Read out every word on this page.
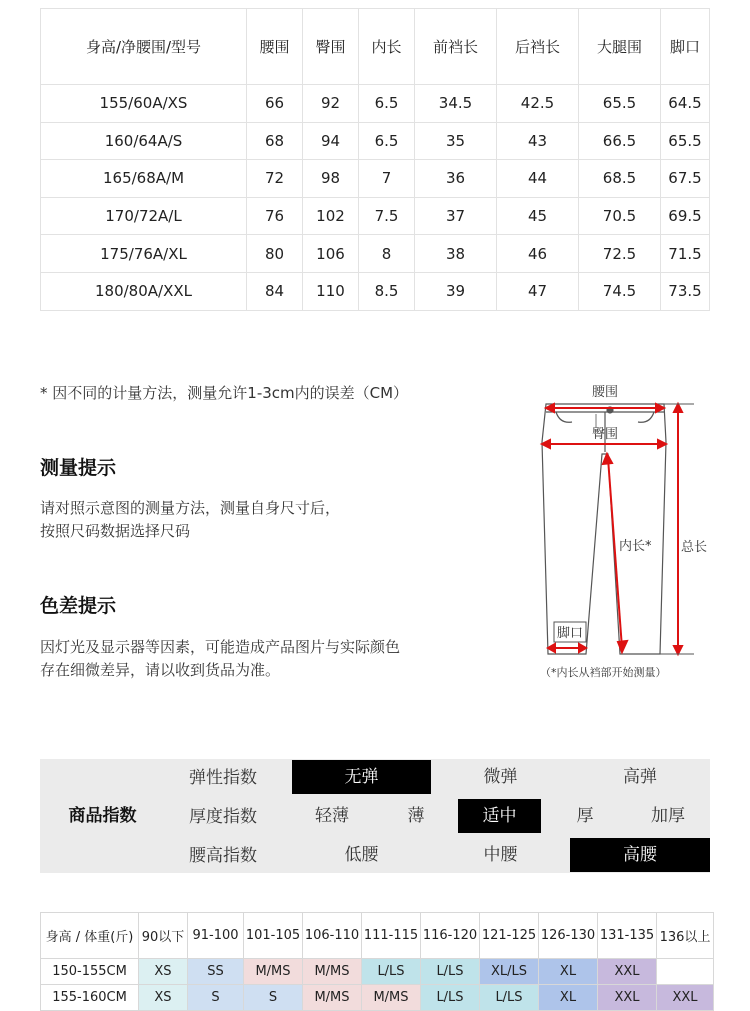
身高/净腰围/型号	腰围	臀围	内长	前裆长	后裆长	大腿围	脚口
155/60A/XS	66	92	6.5	34.5	42.5	65.5	64.5
160/64A/S	68	94	6.5	35	43	66.5	65.5
165/68A/M	72	98	7	36	44	68.5	67.5
170/72A/L	76	102	7.5	37	45	70.5	69.5
175/76A/XL	80	106	8	38	46	72.5	71.5
180/80A/XXL	84	110	8.5	39	47	74.5	73.5
* 因不同的计量方法，测量允许1-3cm内的误差（CM）
测量提示
请对照示意图的测量方法，测量自身尺寸后，
按照尺码数据选择尺码
色差提示
因灯光及显示器等因素，可能造成产品图片与实际颜色
存在细微差异，请以收到货品为准。
腰围
臀围
内长* 总长
脚口
（*内长从裆部开始测量）
商品指数
弹性指数	无弹	微弹	高弹
厚度指数	轻薄	薄	适中	厚	加厚
腰高指数	低腰	中腰	高腰
身高 / 体重(斤)	90以下	91-100	101-105	106-110	111-115	116-120	121-125	126-130	131-135	136以上
150-155CM	XS	SS	M/MS	M/MS	L/LS	L/LS	XL/LS	XL	XXL	
155-160CM	XS	S	S	M/MS	M/MS	L/LS	L/LS	XL	XXL	XXL
